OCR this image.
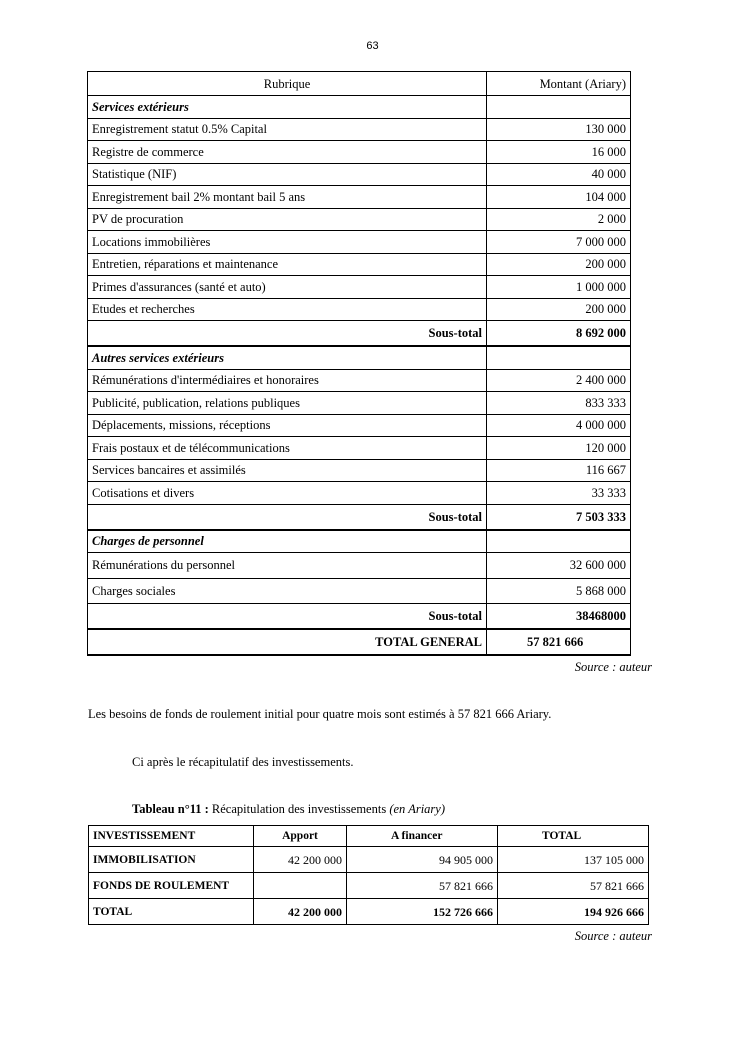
63
Rubrique	Montant (Ariary)
Services extérieurs	
Enregistrement statut 0.5% Capital	130 000
Registre de commerce	16 000
Statistique (NIF)	40 000
Enregistrement bail 2% montant bail 5 ans	104 000
PV de procuration	2 000
Locations immobilières	7 000 000
Entretien, réparations et maintenance	200 000
Primes d'assurances (santé et auto)	1 000 000
Etudes et recherches	200 000
Sous-total	8 692 000
Autres services extérieurs	
Rémunérations d'intermédiaires et honoraires	2 400 000
Publicité, publication, relations publiques	833 333
Déplacements, missions, réceptions	4 000 000
Frais postaux et de télécommunications	120 000
Services bancaires et assimilés	116 667
Cotisations et divers	33 333
Sous-total	7 503 333
Charges de personnel	
Rémunérations du personnel	32 600 000
Charges sociales	5 868 000
Sous-total	38468000
TOTAL GENERAL	57 821 666
Source : auteur
Les besoins de fonds de roulement initial pour quatre mois sont estimés à 57 821 666 Ariary.
Ci après le récapitulatif des investissements.
Tableau n°11 : Récapitulation des investissements (en Ariary)
INVESTISSEMENT	Apport	A financer	TOTAL
IMMOBILISATION	42 200 000	94 905 000	137 105 000
FONDS DE ROULEMENT		57 821 666	57 821 666
TOTAL	42 200 000	152 726 666	194 926 666
Source : auteur
